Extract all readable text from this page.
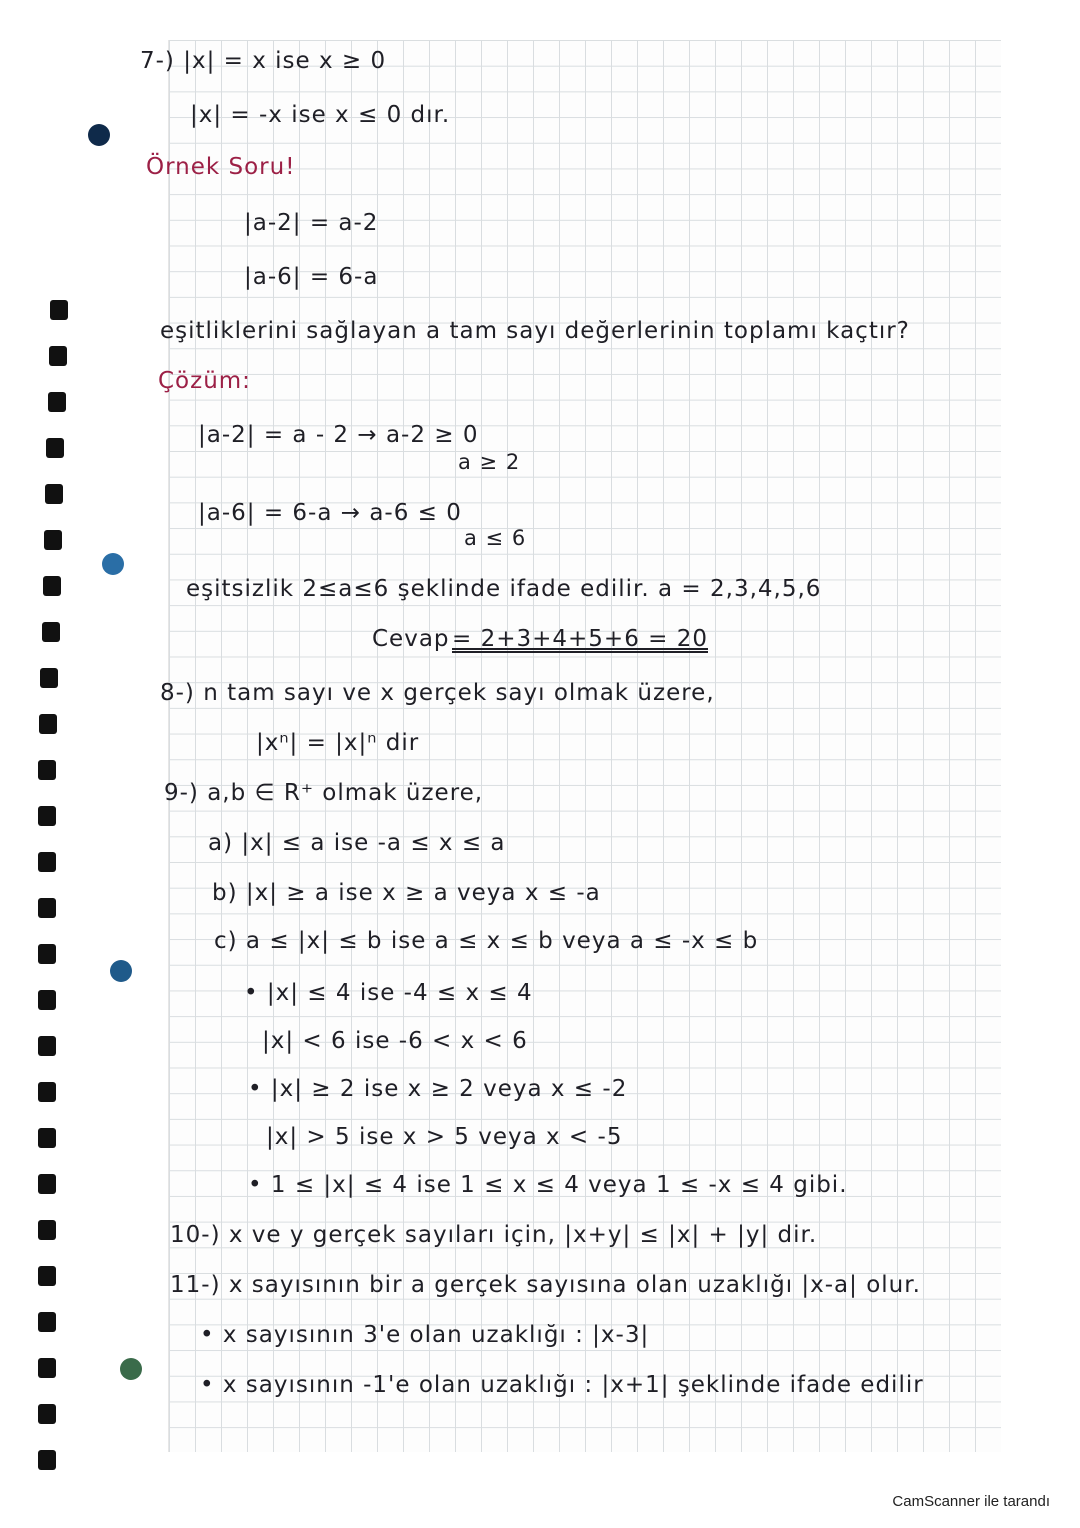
7-) |x| = x ise x ≥ 0
|x| = -x ise x ≤ 0 dır.
Örnek Soru!
|a-2| = a-2
|a-6| = 6-a
eşitliklerini sağlayan a tam sayı değerlerinin toplamı kaçtır?
Çözüm:
|a-2| = a - 2 → a-2 ≥ 0
a ≥ 2
|a-6| = 6-a → a-6 ≤ 0
a ≤ 6
eşitsizlik 2≤a≤6 şeklinde ifade edilir. a = 2,3,4,5,6
Cevap = 2+3+4+5+6 = 20
8-) n tam sayı ve x gerçek sayı olmak üzere,
|xⁿ| = |x|ⁿ dir
9-) a,b ∈ R⁺ olmak üzere,
a) |x| ≤ a ise -a ≤ x ≤ a
b) |x| ≥ a ise x ≥ a veya x ≤ -a
c) a ≤ |x| ≤ b ise a ≤ x ≤ b veya a ≤ -x ≤ b
• |x| ≤ 4 ise -4 ≤ x ≤ 4
|x| < 6 ise -6 < x < 6
• |x| ≥ 2 ise x ≥ 2 veya x ≤ -2
|x| > 5 ise x > 5 veya x < -5
• 1 ≤ |x| ≤ 4 ise 1 ≤ x ≤ 4 veya 1 ≤ -x ≤ 4 gibi.
10-) x ve y gerçek sayıları için, |x+y| ≤ |x| + |y| dir.
11-) x sayısının bir a gerçek sayısına olan uzaklığı |x-a| olur.
• x sayısının 3'e olan uzaklığı : |x-3|
• x sayısının -1'e olan uzaklığı : |x+1| şeklinde ifade edilir
CamScanner ile tarandı
